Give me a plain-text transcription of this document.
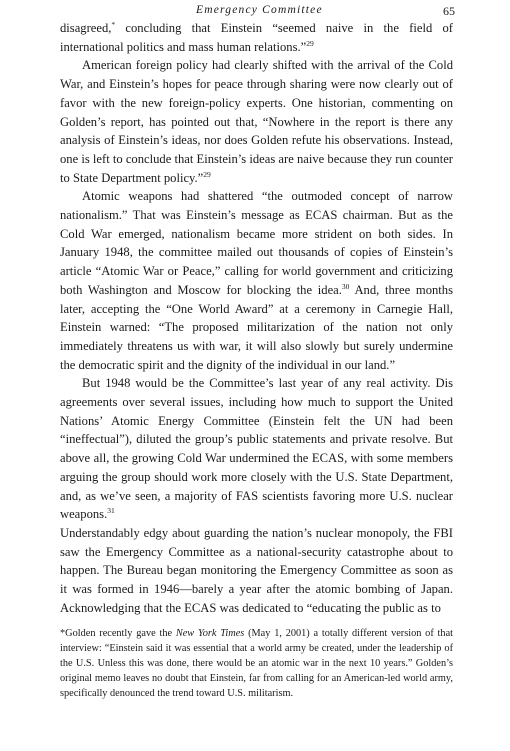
Emergency Committee	65

disagreed,* concluding that Einstein “seemed naive in the field of international politics and mass human relations.”$^{29}$

American foreign policy had clearly shifted with the arrival of the Cold War, and Einstein’s hopes for peace through sharing were now clearly out of favor with the new foreign-policy experts. One historian, commenting on Golden’s report, has pointed out that, “Nowhere in the report is there any analysis of Einstein’s ideas, nor does Golden refute his observations. Instead, one is left to conclude that Einstein’s ideas are naive because they run counter to State Department policy.”$^{29}$

Atomic weapons had shattered “the outmoded concept of narrow nationalism.” That was Einstein’s message as ECAS chairman. But as the Cold War emerged, nationalism became more strident on both sides. In January 1948, the committee mailed out thousands of copies of Einstein’s article “Atomic War or Peace,” calling for world government and criticizing both Washington and Moscow for blocking the idea.$^{30}$ And, three months later, accepting the “One World Award” at a ceremony in Carnegie Hall, Einstein warned: “The proposed militarization of the nation not only immediately threatens us with war, it will also slowly but surely undermine the democratic spirit and the dignity of the individual in our land.”

But 1948 would be the Committee’s last year of any real activity. Dis agreements over several issues, including how much to support the United Nations’ Atomic Energy Committee (Einstein felt the UN had been “ineffectual”), diluted the group’s public statements and private resolve. But above all, the growing Cold War undermined the ECAS, with some members arguing the group should work more closely with the U.S. State Department, and, as we’ve seen, a majority of FAS scientists favoring more U.S. nuclear weapons.$^{31}$

Understandably edgy about guarding the nation’s nuclear monopoly, the FBI saw the Emergency Committee as a national-security catastrophe about to happen. The Bureau began monitoring the Emergency Committee as soon as it was formed in 1946—barely a year after the atomic bombing of Japan. Acknowledging that the ECAS was dedicated to “educating the public as to

*Golden recently gave the New York Times (May 1, 2001) a totally different version of that interview: “Einstein said it was essential that a world army be created, under the leadership of the U.S. Unless this was done, there would be an atomic war in the next 10 years.” Golden’s original memo leaves no doubt that Einstein, far from calling for an American-led world army, specifically denounced the trend toward U.S. militarism.
